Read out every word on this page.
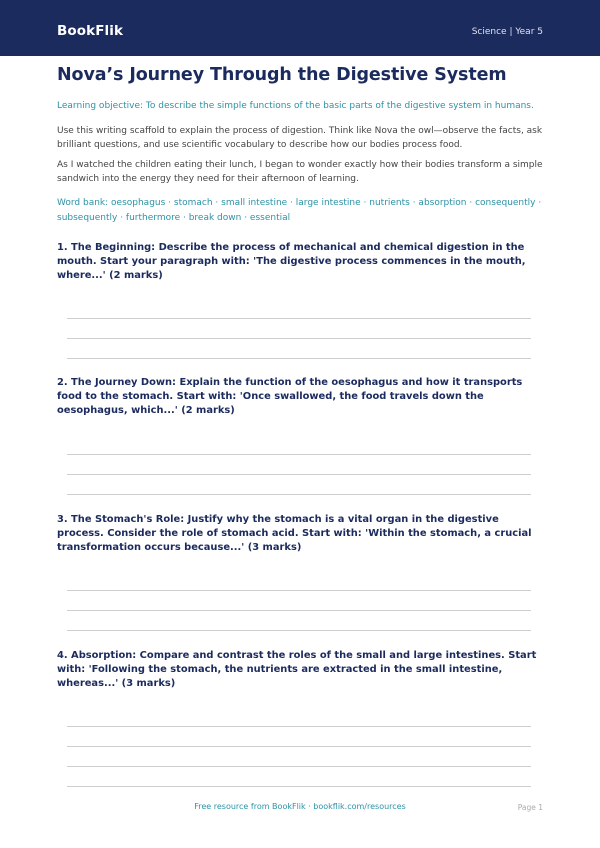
BookFlik	Science | Year 5
Nova’s Journey Through the Digestive System

Learning objective: To describe the simple functions of the basic parts of the digestive system in humans.

Use this writing scaffold to explain the process of digestion. Think like Nova the owl—observe the facts, ask brilliant questions, and use scientific vocabulary to describe how our bodies process food.

As I watched the children eating their lunch, I began to wonder exactly how their bodies transform a simple sandwich into the energy they need for their afternoon of learning.

Word bank: oesophagus · stomach · small intestine · large intestine · nutrients · absorption · consequently · subsequently · furthermore · break down · essential

1. The Beginning: Describe the process of mechanical and chemical digestion in the mouth. Start your paragraph with: 'The digestive process commences in the mouth, where...' (2 marks)

2. The Journey Down: Explain the function of the oesophagus and how it transports food to the stomach. Start with: 'Once swallowed, the food travels down the oesophagus, which...' (2 marks)

3. The Stomach's Role: Justify why the stomach is a vital organ in the digestive process. Consider the role of stomach acid. Start with: 'Within the stomach, a crucial transformation occurs because...' (3 marks)

4. Absorption: Compare and contrast the roles of the small and large intestines. Start with: 'Following the stomach, the nutrients are extracted in the small intestine, whereas...' (3 marks)

Free resource from BookFlik · bookflik.com/resources	Page 1
